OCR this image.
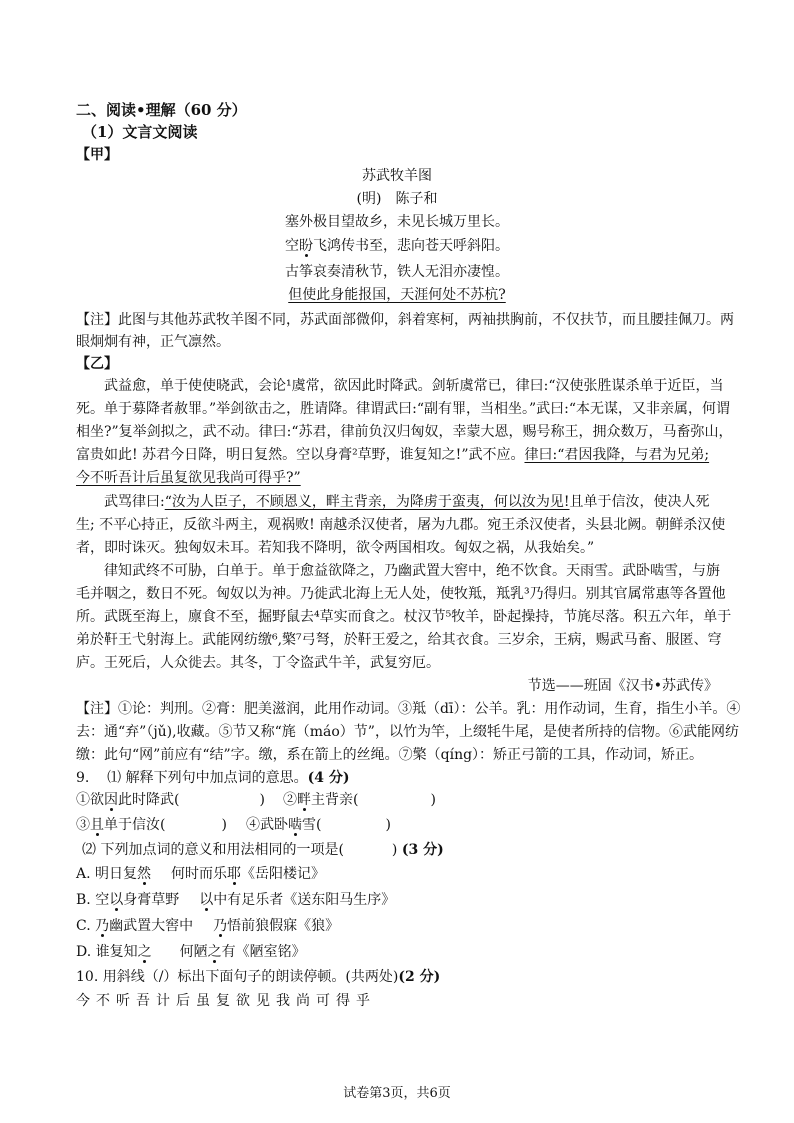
二、阅读•理解（60 分）
（1）文言文阅读
【甲】
苏武牧羊图
(明)　陈子和
塞外极目望故乡，未见长城万里长。
空盼飞鸿传书至，悲向苍天呼斜阳。
古筝哀奏清秋节，铁人无泪亦凄惶。
但使此身能报国，天涯何处不苏杭?
【注】此图与其他苏武牧羊图不同，苏武面部微仰，斜着寒柯，两袖拱胸前，不仅扶节，而且腰挂佩刀。两
眼炯炯有神，正气凛然。
【乙】
武益愈，单于使使晓武，会论¹虞常，欲因此时降武。剑斩虞常已，律曰:“汉使张胜谋杀单于近臣，当
死。单于募降者赦罪。”举剑欲击之，胜请降。律谓武曰:“副有罪，当相坐。”武曰:“本无谋，又非亲属，何谓
相坐?”复举剑拟之，武不动。律曰:“苏君，律前负汉归匈奴，幸蒙大恩，赐号称王，拥众数万，马畜弥山，
富贵如此! 苏君今日降，明日复然。空以身膏²草野，谁复知之!”武不应。律曰:“君因我降，与君为兄弟;
今不听吾计后虽复欲见我尚可得乎?”
武骂律曰:“汝为人臣子，不顾恩义，畔主背亲，为降虏于蛮夷，何以汝为见!且单于信汝，使决人死
生; 不平心持正，反欲斗两主，观祸败! 南越杀汉使者，屠为九郡。宛王杀汉使者，头县北阙。朝鲜杀汉使
者，即时诛灭。独匈奴未耳。若知我不降明，欲令两国相攻。匈奴之祸，从我始矣。”
律知武终不可胁，白单于。单于愈益欲降之，乃幽武置大窖中，绝不饮食。天雨雪。武卧啮雪，与旃
毛并咽之，数日不死。匈奴以为神。乃徙武北海上无人处，使牧羝，羝乳³乃得归。别其官属常惠等各置他
所。武既至海上，廪食不至，掘野鼠去⁴草实而食之。杖汉节⁵牧羊，卧起操持，节旄尽落。积五六年，单于
弟於靬王弋射海上。武能网纺缴⁶,檠⁷弓弩，於靬王爱之，给其衣食。三岁余，王病，赐武马畜、服匿、穹
庐。王死后，人众徙去。其冬，丁令盗武牛羊，武复穷厄。
节选——班固《汉书•苏武传》
【注】①论：判刑。②膏：肥美滋润，此用作动词。③羝（dī）：公羊。乳：用作动词，生育，指生小羊。④
去：通“弃”（jǔ),收藏。⑤节又称“旄（máo）节”，以竹为竿，上缀牦牛尾，是使者所持的信物。⑥武能网纺
缴：此句“网”前应有“结”字。缴，系在箭上的丝绳。⑦檠（qíng）：矫正弓箭的工具，作动词，矫正。
9. ⑴ 解释下列句中加点词的意思。(4 分)
①欲因此时降武(	) ②畔主背亲(	)
③且单于信汝(	) ④武卧啮雪(	)
⑵ 下列加点词的意义和用法相同的一项是(	) (3 分)
A. 明日复然 何时而乐耶《岳阳楼记》
B. 空以身膏草野 以中有足乐者《送东阳马生序》
C. 乃幽武置大窖中 乃悟前狼假寐《狼》
D. 谁复知之 何陋之有《陋室铭》
10. 用斜线（/）标出下面句子的朗读停顿。(共两处)(2 分)
今不听吾计后虽复欲见我尚可得乎
试卷第3页，共6页
